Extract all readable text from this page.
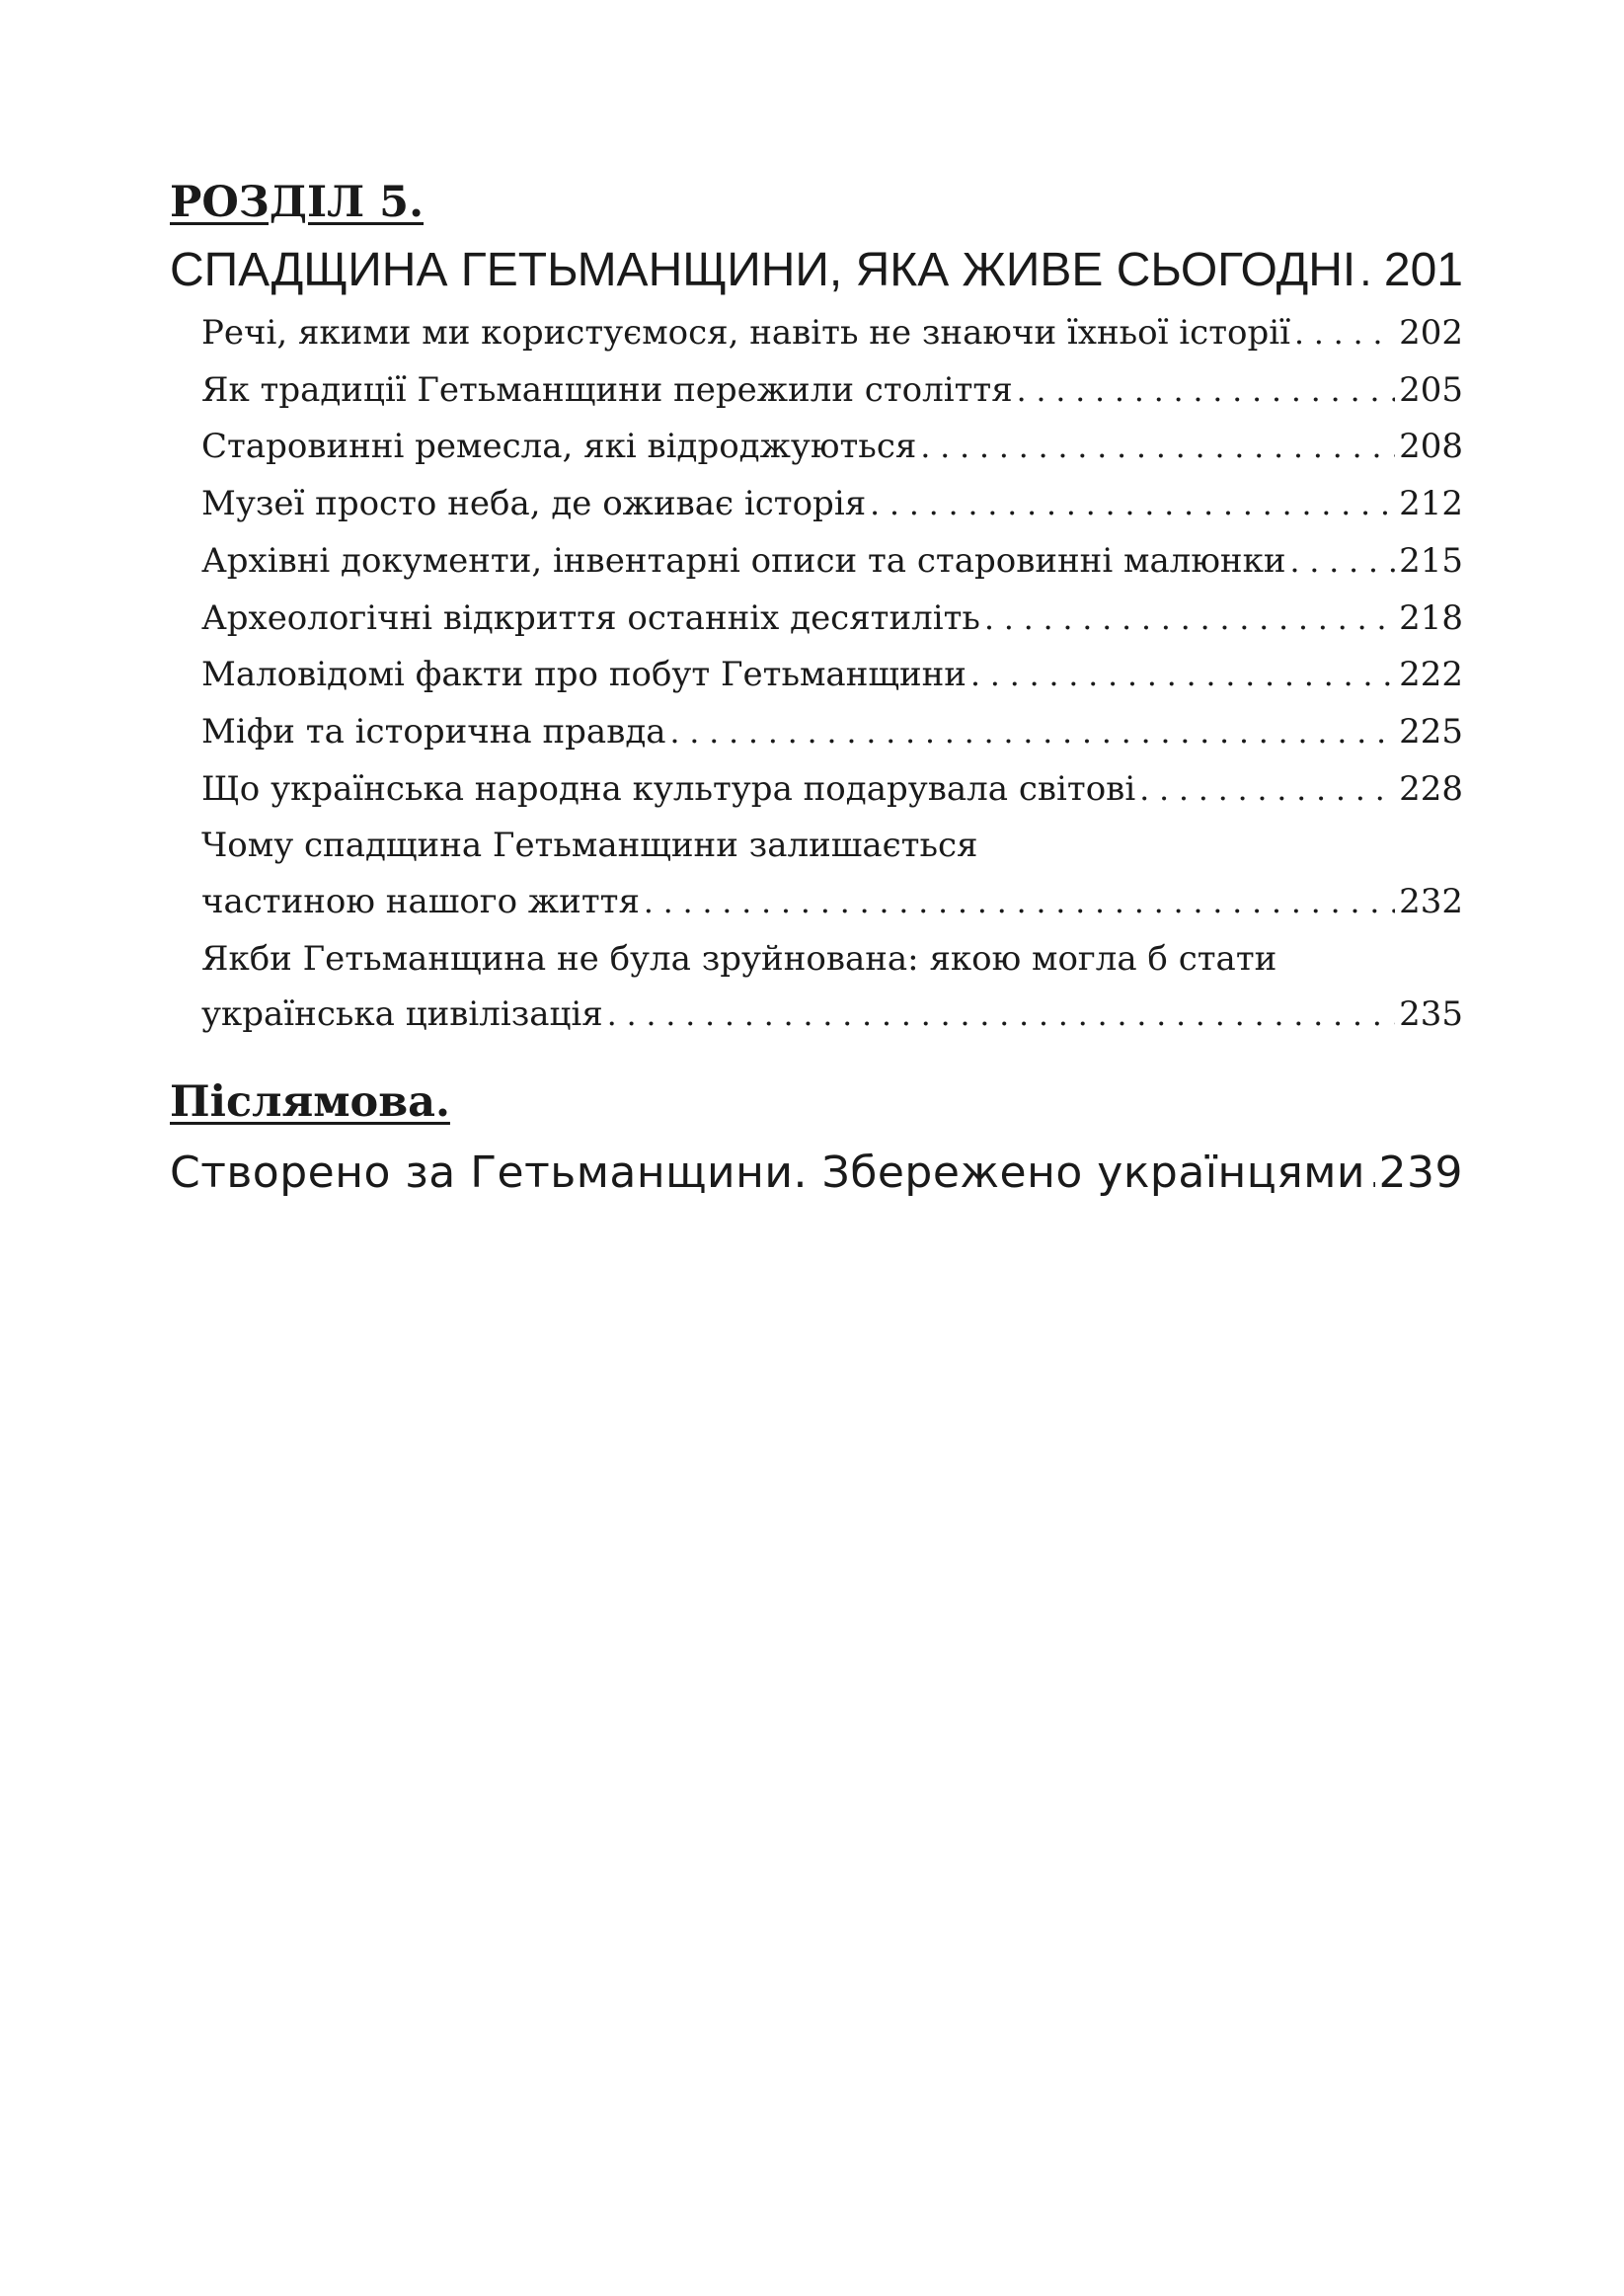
РОЗДІЛ 5.
СПАДЩИНА ГЕТЬМАНЩИНИ, ЯКА ЖИВЕ СЬОГОДНІ . . . 201
Речі, якими ми користуємося, навіть не знаючи їхньої історії . . .	202
Як традиції Гетьманщини пережили століття . . .	205
Старовинні ремесла, які відроджуються . . .	208
Музеї просто неба, де оживає історія . . .	212
Архівні документи, інвентарні описи та старовинні малюнки . . .	215
Археологічні відкриття останніх десятиліть . . .	218
Маловідомі факти про побут Гетьманщини . . .	222
Міфи та історична правда . . .	225
Що українська народна культура подарувала світові . . .	228
Чому спадщина Гетьманщини залишається
частиною нашого життя . . .	232
Якби Гетьманщина не була зруйнована: якою могла б стати
українська цивілізація . . .	235
Післямова.
Створено за Гетьманщини. Збережено українцями . . . 239
